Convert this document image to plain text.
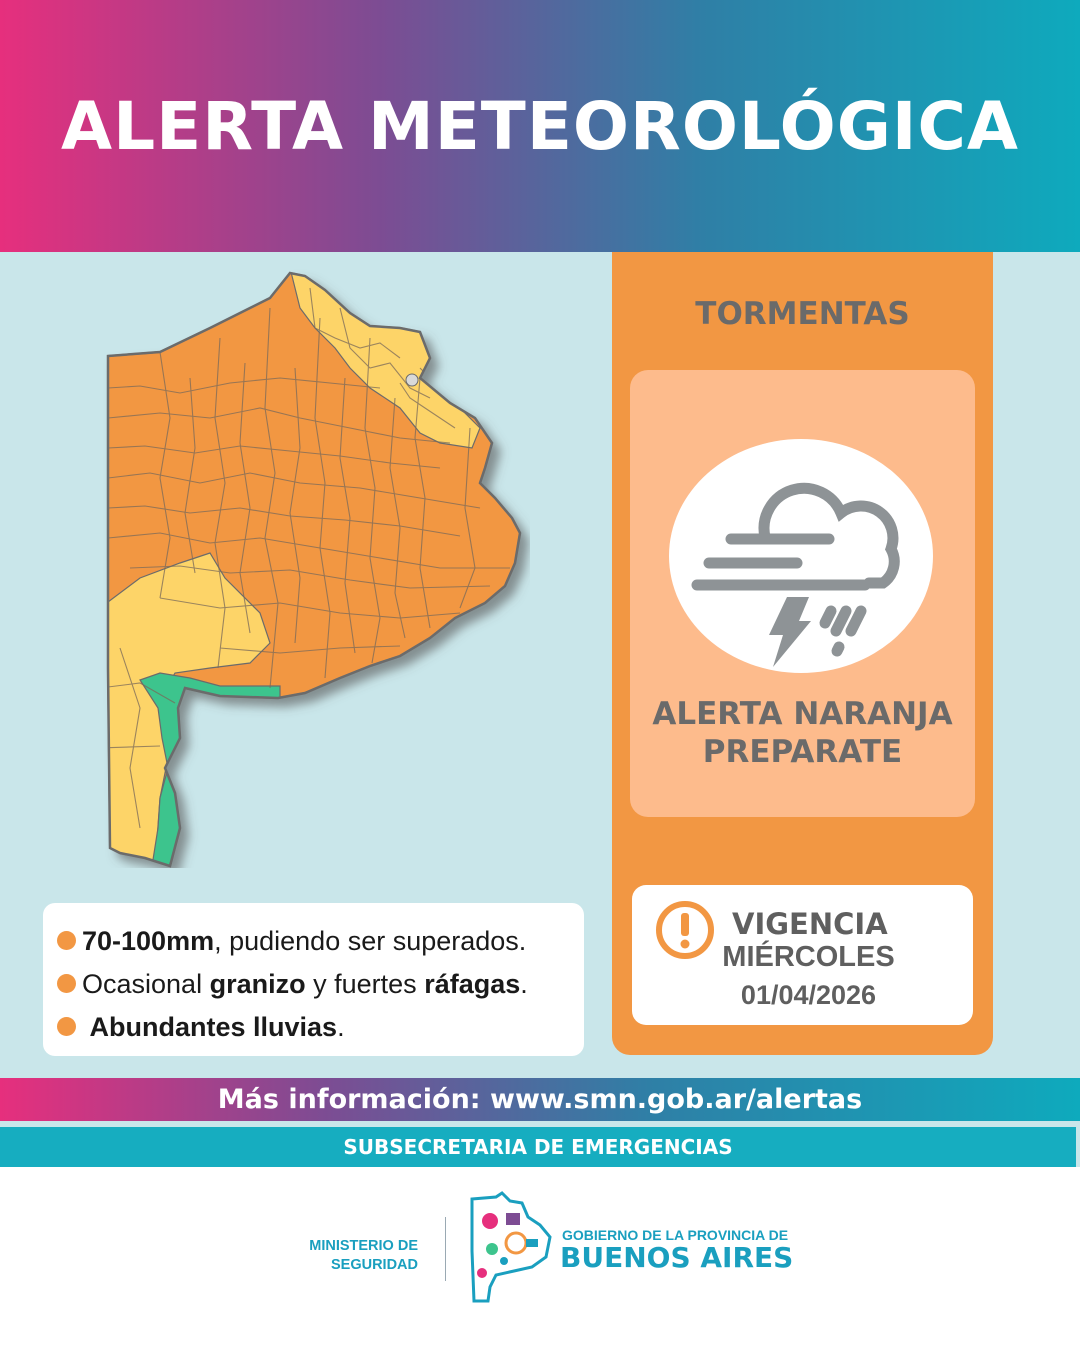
ALERTA METEOROLÓGICA
TORMENTAS
ALERTA NARANJA
PREPARATE
VIGENCIA
MIÉRCOLES
01/04/2026
70-100mm , pudiendo ser superados.
Ocasional
granizo
y fuertes
ráfagas .

Abundantes lluvias .
Más información: www.smn.gob.ar/alertas
SUBSECRETARIA DE EMERGENCIAS
MINISTERIO DE
SEGURIDAD
GOBIERNO DE LA PROVINCIA DE
BUENOS AIRES
